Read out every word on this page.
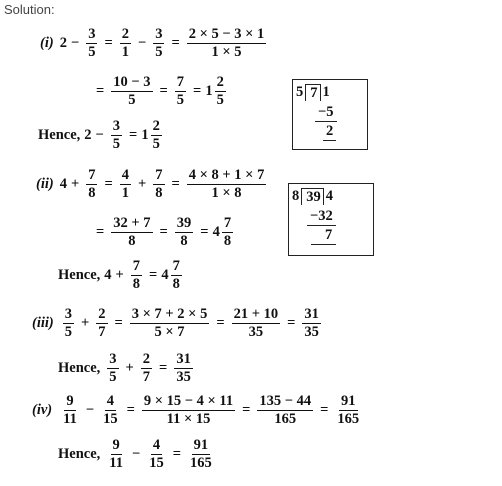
Solution:
(i) $2 - \frac{3}{5} = \frac{2}{1} - \frac{3}{5} = \frac{2 \times 5 - 3 \times 1}{1 \times 5}$
= $\frac{10 - 3}{5} = \frac{7}{5} = 1 \frac{2}{5}$
Hence, $2 - \frac{3}{5} = 1 \frac{2}{5}$
5 7 1
−5
2
(ii) $4 + \frac{7}{8} = \frac{4}{1} + \frac{7}{8} = \frac{4 \times 8 + 1 \times 7}{1 \times 8}$
= $\frac{32 + 7}{8} = \frac{39}{8} = 4 \frac{7}{8}$
Hence, $4 + \frac{7}{8} = 4 \frac{7}{8}$
8 39 4
−32
7
$(iii) \frac{3}{5} + \frac{2}{7} = \frac{3 \times 7 + 2 \times 5}{5 \times 7} = \frac{21 + 10}{35} = \frac{31}{35}$
Hence, $\frac{3}{5} + \frac{2}{7} = \frac{31}{35}$
$(iv) \frac{9}{11} - \frac{4}{15} = \frac{9 \times 15 - 4 \times 11}{11 \times 15} = \frac{135 - 44}{165} = \frac{91}{165}$
Hence, $\frac{9}{11} - \frac{4}{15} = \frac{91}{165}$
